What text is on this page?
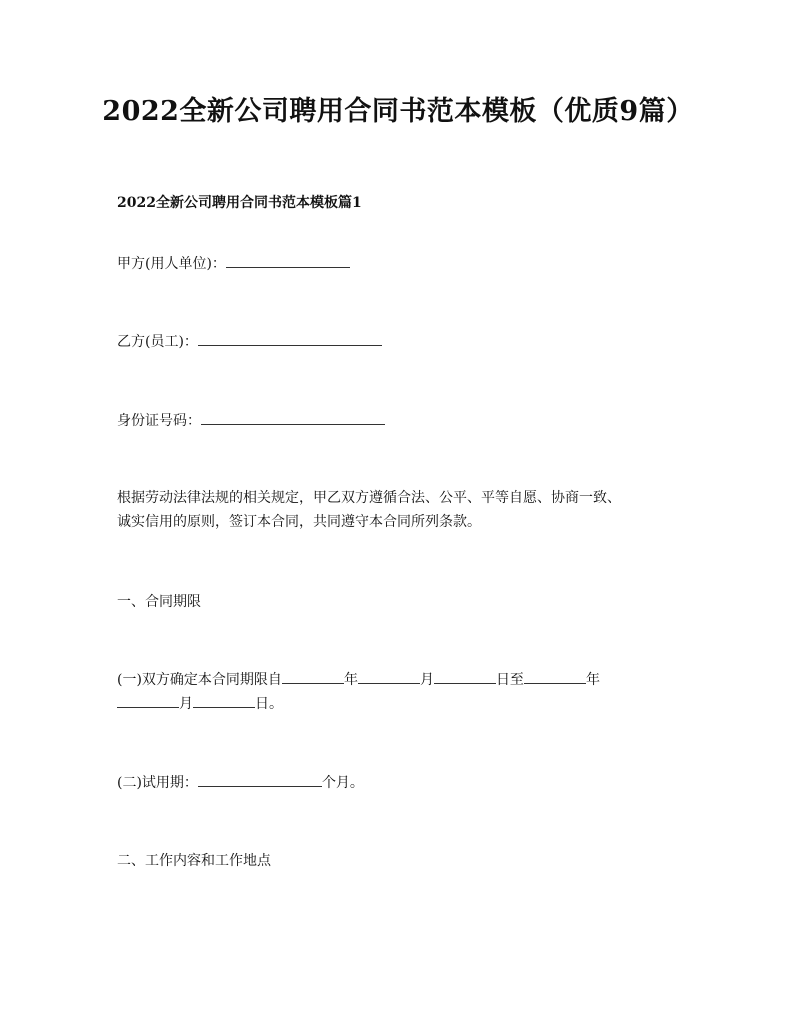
2022全新公司聘用合同书范本模板（优质9篇）
2022全新公司聘用合同书范本模板篇1
甲方(用人单位)：
乙方(员工)：
身份证号码：
根据劳动法律法规的相关规定，甲乙双方遵循合法、公平、平等自愿、协商一致、
诚实信用的原则，签订本合同，共同遵守本合同所列条款。
一、合同期限
(一)双方确定本合同期限自	年	月	日至	年
月	日。
(二)试用期：	个月。
二、工作内容和工作地点
